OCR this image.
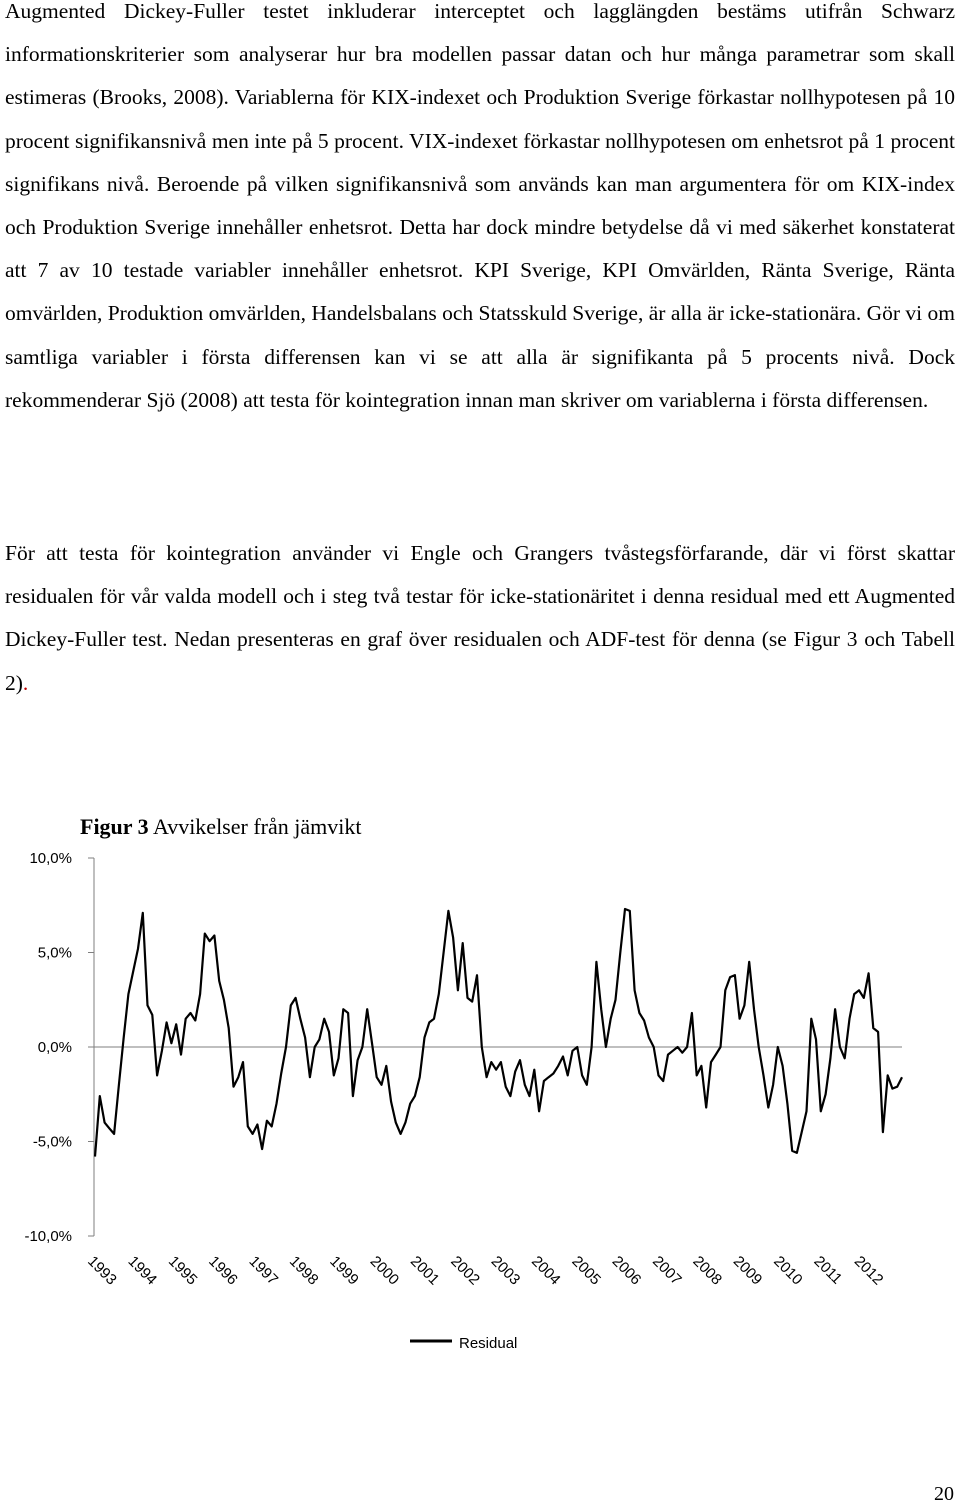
Augmented Dickey-Fuller testet inkluderar interceptet och lagglängden bestäms utifrån Schwarz informationskriterier som analyserar hur bra modellen passar datan och hur många parametrar som skall estimeras (Brooks, 2008). Variablerna för KIX-indexet och Produktion Sverige förkastar nollhypotesen på 10 procent signifikansnivå men inte på 5 procent. VIX-indexet förkastar nollhypotesen om enhetsrot på 1 procent signifikans nivå. Beroende på vilken signifikansnivå som används kan man argumentera för om KIX-index och Produktion Sverige innehåller enhetsrot. Detta har dock mindre betydelse då vi med säkerhet konstaterat att 7 av 10 testade variabler innehåller enhetsrot. KPI Sverige, KPI Omvärlden, Ränta Sverige, Ränta omvärlden, Produktion omvärlden, Handelsbalans och Statsskuld Sverige, är alla är icke-stationära. Gör vi om samtliga variabler i första differensen kan vi se att alla är signifikanta på 5 procents nivå. Dock rekommenderar Sjö (2008) att testa för kointegration innan man skriver om variablerna i första differensen.

För att testa för kointegration använder vi Engle och Grangers tvåstegsförfarande, där vi först skattar residualen för vår valda modell och i steg två testar för icke-stationäritet i denna residual med ett Augmented Dickey-Fuller test. Nedan presenteras en graf över residualen och ADF-test för denna (se Figur 3 och Tabell 2).

Figur 3 Avvikelser från jämvikt
10,0%
5,0%
0,0%
-5,0%
-10,0%
1993 1994 1995 1996 1997 1998 1999 2000 2001 2002 2003 2004 2005 2006 2007 2008 2009 2010 2011 2012
Residual
20
